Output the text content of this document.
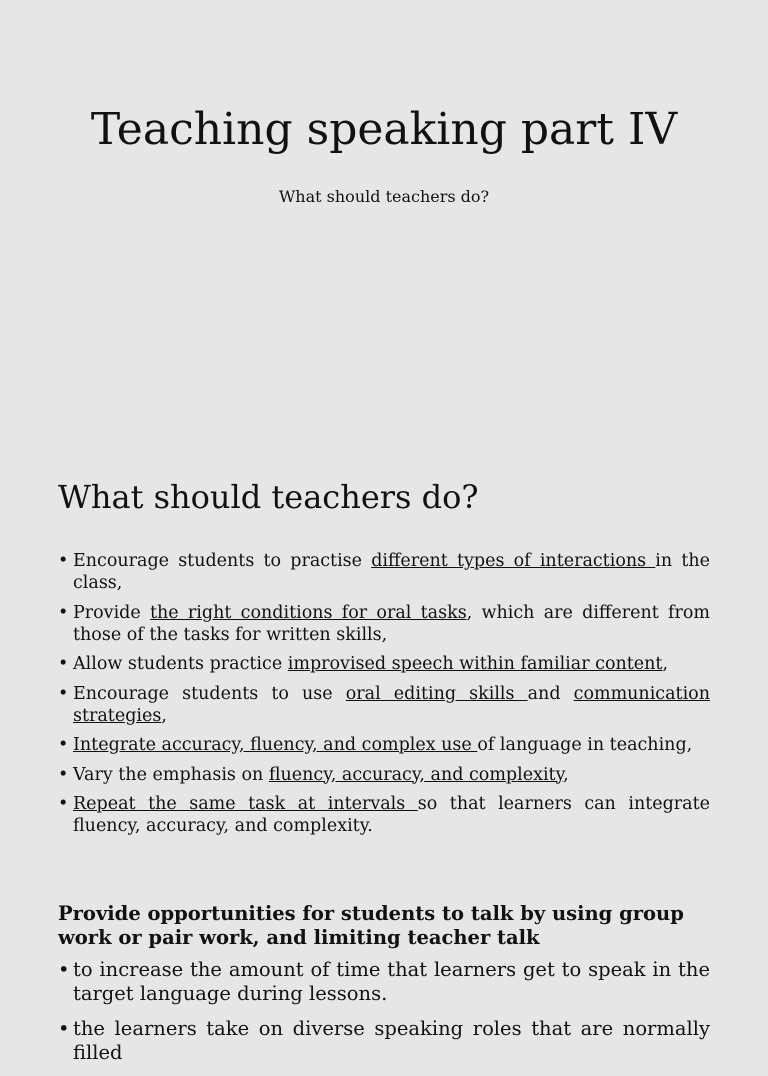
Teaching speaking part IV

What should teachers do?

What should teachers do?
• Encourage students to practise different types of interactions in the class,
• Provide the right conditions for oral tasks, which are different from those of the tasks for written skills,
• Allow students practice improvised speech within familiar content,
• Encourage students to use oral editing skills and communication strategies,
• Integrate accuracy, fluency, and complex use of language in teaching,
• Vary the emphasis on fluency, accuracy, and complexity,
• Repeat the same task at intervals so that learners can integrate fluency, accuracy, and complexity.
Provide opportunities for students to talk by using group work or pair work, and limiting teacher talk
• to increase the amount of time that learners get to speak in the target language during lessons.
• the learners take on diverse speaking roles that are normally filled
